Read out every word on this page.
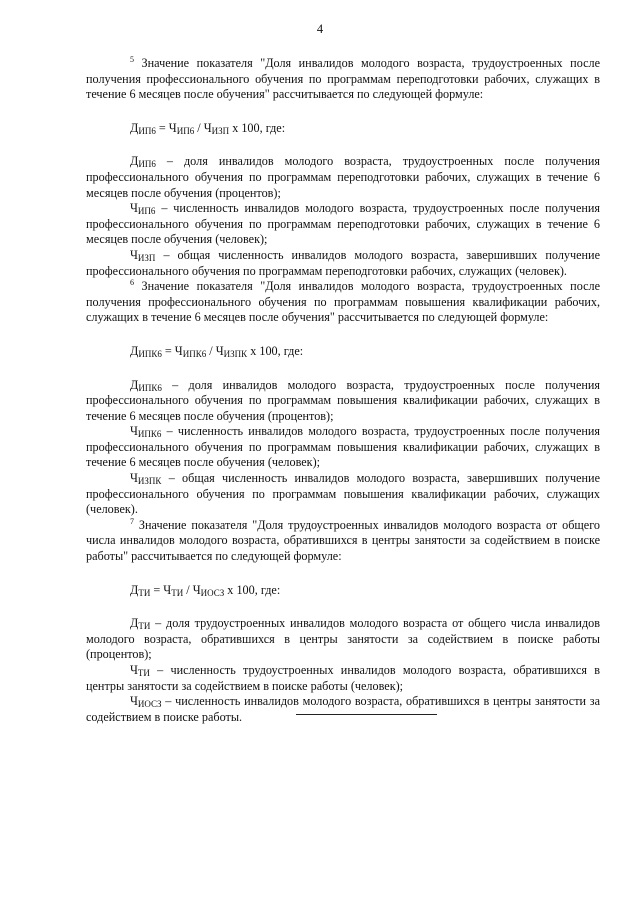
4

$^5$ Значение показателя "Доля инвалидов молодого возраста, трудоустроенных после получения профессионального обучения по программам переподготовки рабочих, служащих в течение 6 месяцев после обучения" рассчитывается по следующей формуле:

$Д_{ИП6} = Ч_{ИП6} / Ч_{ИЗП}$ х 100, где:

$Д_{ИП6}$ – доля инвалидов молодого возраста, трудоустроенных после получения профессионального обучения по программам переподготовки рабочих, служащих в течение 6 месяцев после обучения (процентов);

$Ч_{ИП6}$ – численность инвалидов молодого возраста, трудоустроенных после получения профессионального обучения по программам переподготовки рабочих, служащих в течение 6 месяцев после обучения (человек);

$Ч_{ИЗП}$ – общая численность инвалидов молодого возраста, завершивших получение профессионального обучения по программам переподготовки рабочих, служащих (человек).

$^6$ Значение показателя "Доля инвалидов молодого возраста, трудоустроенных после получения профессионального обучения по программам повышения квалификации рабочих, служащих в течение 6 месяцев после обучения" рассчитывается по следующей формуле:

$Д_{ИПК6} = Ч_{ИПК6} / Ч_{ИЗПК}$ х 100, где:

$Д_{ИПК6}$ – доля инвалидов молодого возраста, трудоустроенных после получения профессионального обучения по программам повышения квалификации рабочих, служащих в течение 6 месяцев после обучения (процентов);

$Ч_{ИПК6}$ – численность инвалидов молодого возраста, трудоустроенных после получения профессионального обучения по программам повышения квалификации рабочих, служащих в течение 6 месяцев после обучения (человек);

$Ч_{ИЗПК}$ – общая численность инвалидов молодого возраста, завершивших получение профессионального обучения по программам повышения квалификации рабочих, служащих (человек).

$^7$ Значение показателя "Доля трудоустроенных инвалидов молодого возраста от общего числа инвалидов молодого возраста, обратившихся в центры занятости за содействием в поиске работы" рассчитывается по следующей формуле:

$Д_{ТИ} = Ч_{ТИ} / Ч_{ИОСЗ}$ х 100, где:

$Д_{ТИ}$ – доля трудоустроенных инвалидов молодого возраста от общего числа инвалидов молодого возраста, обратившихся в центры занятости за содействием в поиске работы (процентов);

$Ч_{ТИ}$ – численность трудоустроенных инвалидов молодого возраста, обратившихся в центры занятости за содействием в поиске работы (человек);

$Ч_{ИОСЗ}$ – численность инвалидов молодого возраста, обратившихся в центры занятости за содействием в поиске работы.
